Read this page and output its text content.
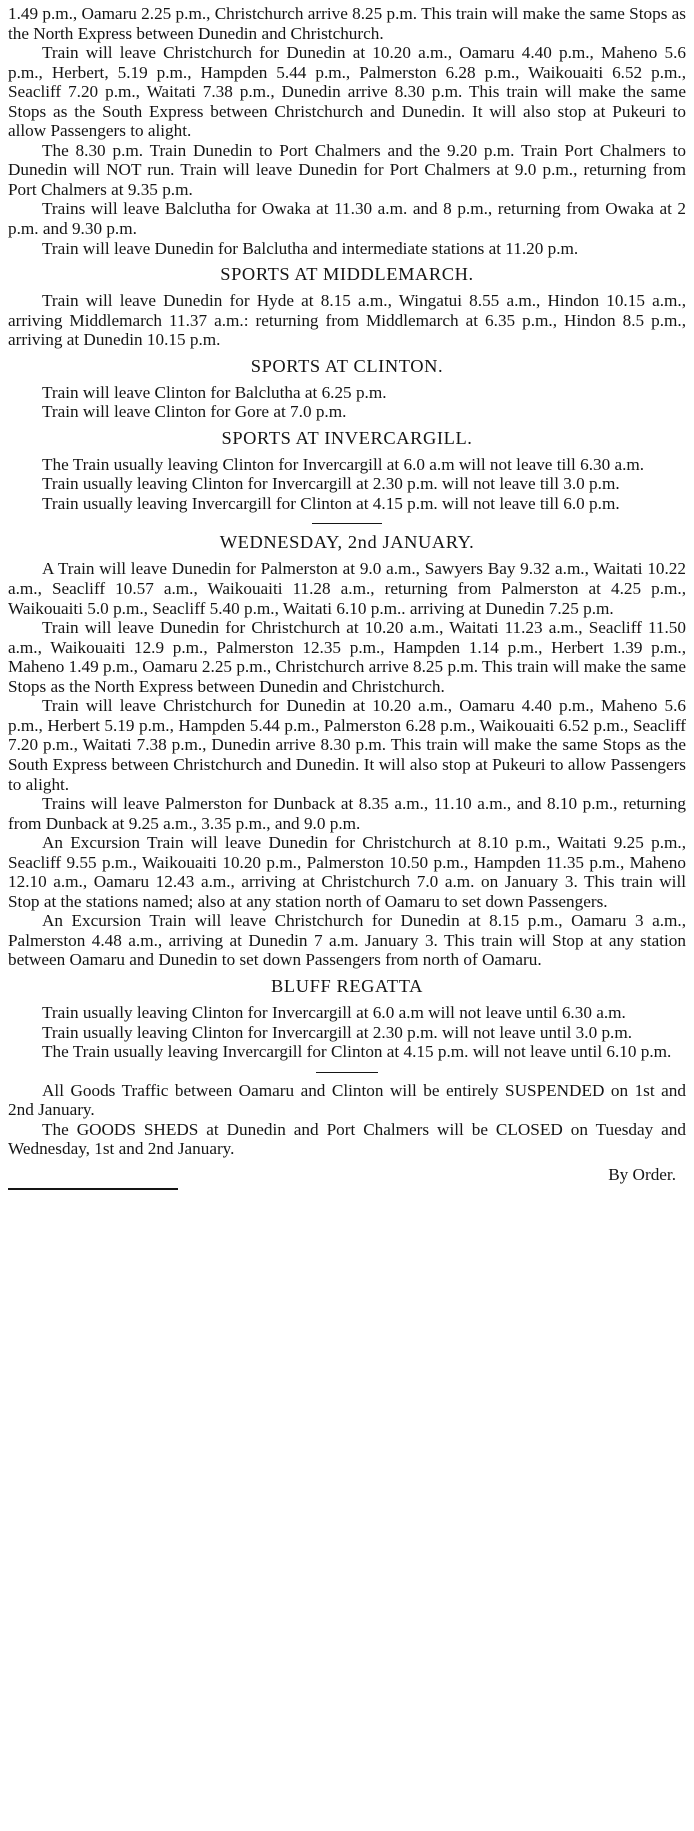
1.49 p.m., Oamaru 2.25 p.m., Christchurch arrive 8.25 p.m. This train will make the same Stops as the North Express between Dunedin and Christchurch.

Train will leave Christchurch for Dunedin at 10.20 a.m., Oamaru 4.40 p.m., Maheno 5.6 p.m., Herbert, 5.19 p.m., Hampden 5.44 p.m., Palmerston 6.28 p.m., Waikouaiti 6.52 p.m., Seacliff 7.20 p.m., Waitati 7.38 p.m., Dunedin arrive 8.30 p.m. This train will make the same Stops as the South Express between Christchurch and Dunedin. It will also stop at Pukeuri to allow Passengers to alight.

The 8.30 p.m. Train Dunedin to Port Chalmers and the 9.20 p.m. Train Port Chalmers to Dunedin will NOT run. Train will leave Dunedin for Port Chalmers at 9.0 p.m., returning from Port Chalmers at 9.35 p.m.

Trains will leave Balclutha for Owaka at 11.30 a.m. and 8 p.m., returning from Owaka at 2 p.m. and 9.30 p.m.

Train will leave Dunedin for Balclutha and intermediate stations at 11.20 p.m.

SPORTS AT MIDDLEMARCH.

Train will leave Dunedin for Hyde at 8.15 a.m., Wingatui 8.55 a.m., Hindon 10.15 a.m., arriving Middlemarch 11.37 a.m.: returning from Middlemarch at 6.35 p.m., Hindon 8.5 p.m., arriving at Dunedin 10.15 p.m.

SPORTS AT CLINTON.

Train will leave Clinton for Balclutha at 6.25 p.m.

Train will leave Clinton for Gore at 7.0 p.m.

SPORTS AT INVERCARGILL.

The Train usually leaving Clinton for Invercargill at 6.0 a.m will not leave till 6.30 a.m.

Train usually leaving Clinton for Invercargill at 2.30 p.m. will not leave till 3.0 p.m.

Train usually leaving Invercargill for Clinton at 4.15 p.m. will not leave till 6.0 p.m.

WEDNESDAY, 2nd JANUARY.

A Train will leave Dunedin for Palmerston at 9.0 a.m., Sawyers Bay 9.32 a.m., Waitati 10.22 a.m., Seacliff 10.57 a.m., Waikouaiti 11.28 a.m., returning from Palmerston at 4.25 p.m., Waikouaiti 5.0 p.m., Seacliff 5.40 p.m., Waitati 6.10 p.m.. arriving at Dunedin 7.25 p.m.

Train will leave Dunedin for Christchurch at 10.20 a.m., Waitati 11.23 a.m., Seacliff 11.50 a.m., Waikouaiti 12.9 p.m., Palmerston 12.35 p.m., Hampden 1.14 p.m., Herbert 1.39 p.m., Maheno 1.49 p.m., Oamaru 2.25 p.m., Christchurch arrive 8.25 p.m. This train will make the same Stops as the North Express between Dunedin and Christchurch.

Train will leave Christchurch for Dunedin at 10.20 a.m., Oamaru 4.40 p.m., Maheno 5.6 p.m., Herbert 5.19 p.m., Hampden 5.44 p.m., Palmerston 6.28 p.m., Waikouaiti 6.52 p.m., Seacliff 7.20 p.m., Waitati 7.38 p.m., Dunedin arrive 8.30 p.m. This train will make the same Stops as the South Express between Christchurch and Dunedin. It will also stop at Pukeuri to allow Passengers to alight.

Trains will leave Palmerston for Dunback at 8.35 a.m., 11.10 a.m., and 8.10 p.m., returning from Dunback at 9.25 a.m., 3.35 p.m., and 9.0 p.m.

An Excursion Train will leave Dunedin for Christchurch at 8.10 p.m., Waitati 9.25 p.m., Seacliff 9.55 p.m., Waikouaiti 10.20 p.m., Palmerston 10.50 p.m., Hampden 11.35 p.m., Maheno 12.10 a.m., Oamaru 12.43 a.m., arriving at Christchurch 7.0 a.m. on January 3. This train will Stop at the stations named; also at any station north of Oamaru to set down Passengers.

An Excursion Train will leave Christchurch for Dunedin at 8.15 p.m., Oamaru 3 a.m., Palmerston 4.48 a.m., arriving at Dunedin 7 a.m. January 3. This train will Stop at any station between Oamaru and Dunedin to set down Passengers from north of Oamaru.

BLUFF REGATTA

Train usually leaving Clinton for Invercargill at 6.0 a.m will not leave until 6.30 a.m.

Train usually leaving Clinton for Invercargill at 2.30 p.m. will not leave until 3.0 p.m.

The Train usually leaving Invercargill for Clinton at 4.15 p.m. will not leave until 6.10 p.m.

All Goods Traffic between Oamaru and Clinton will be entirely SUSPENDED on 1st and 2nd January.

The GOODS SHEDS at Dunedin and Port Chalmers will be CLOSED on Tuesday and Wednesday, 1st and 2nd January.

By Order.
